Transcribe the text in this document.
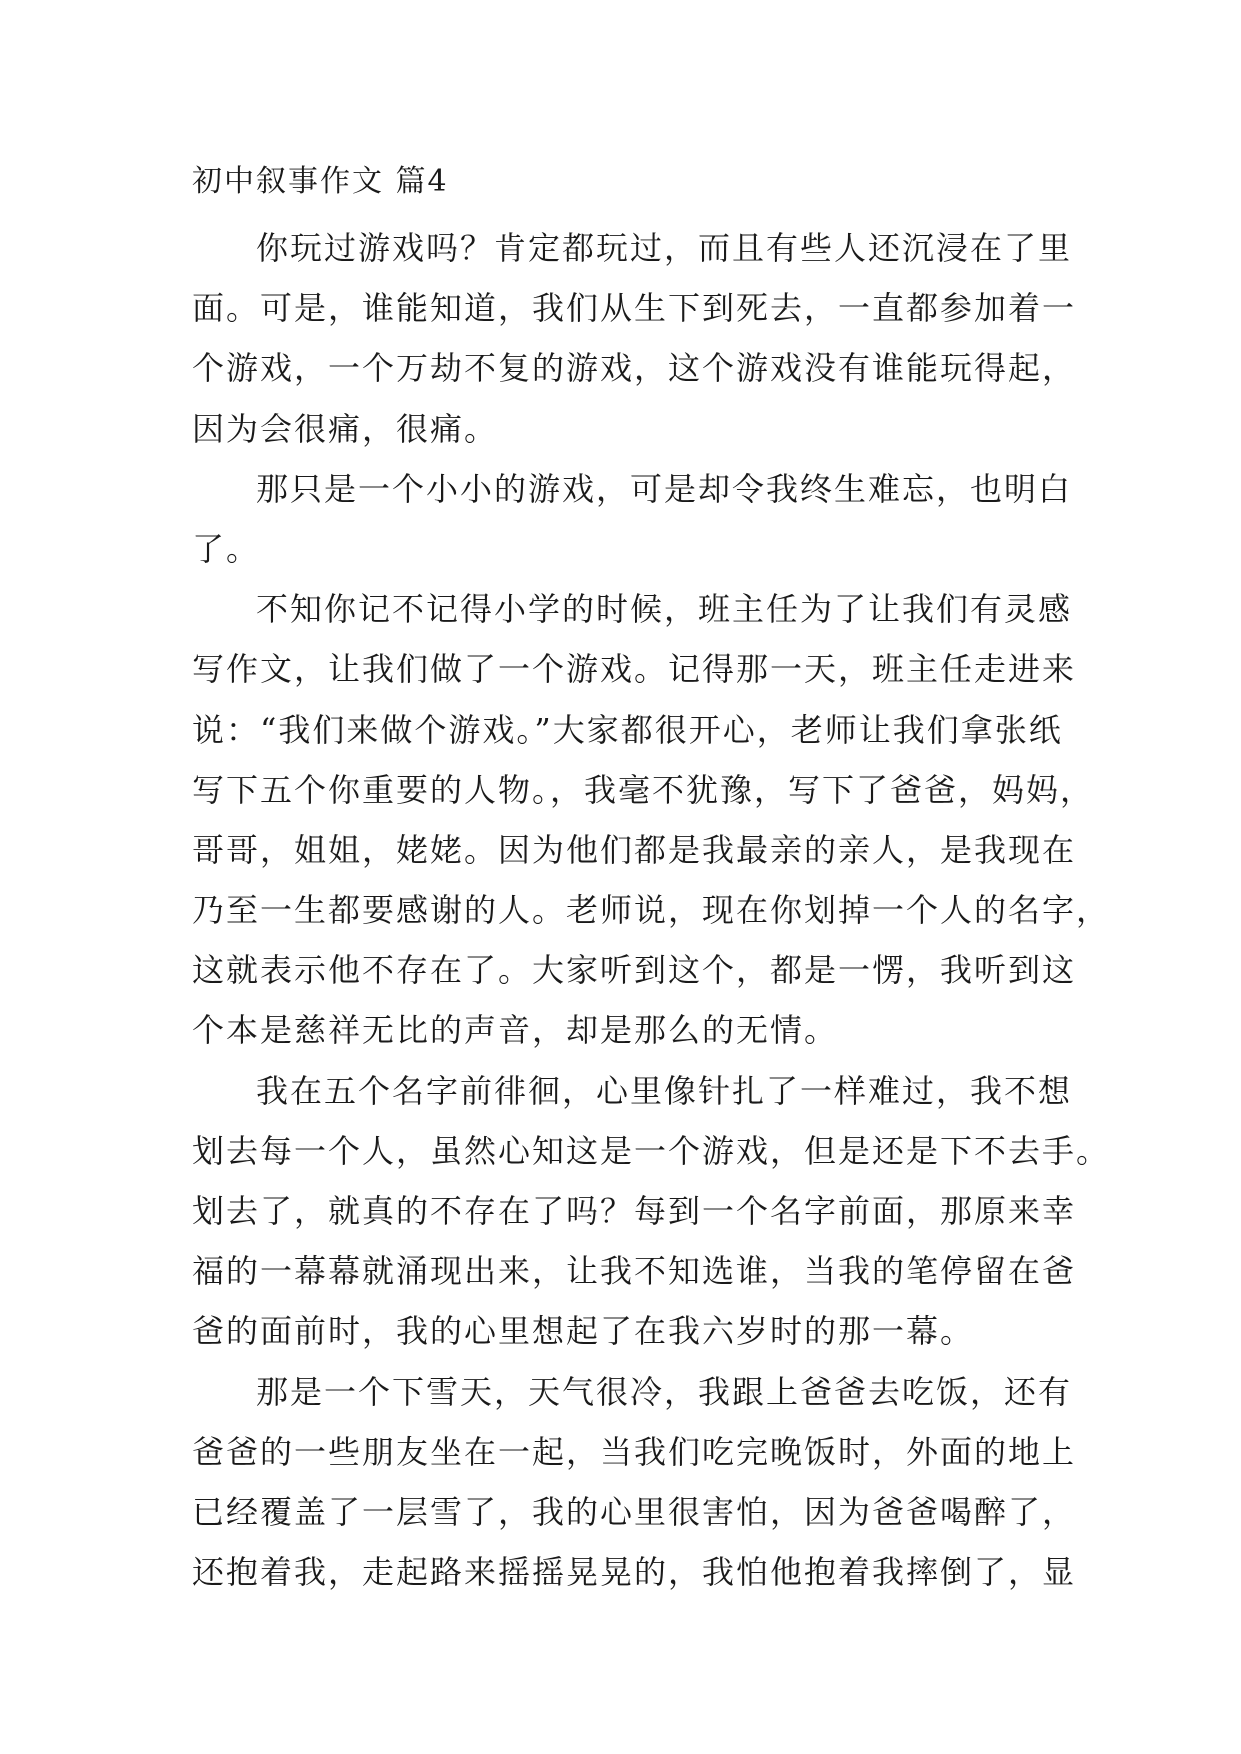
初中叙事作文 篇4
你玩过游戏吗？肯定都玩过，而且有些人还沉浸在了里
面。可是，谁能知道，我们从生下到死去，一直都参加着一
个游戏，一个万劫不复的游戏，这个游戏没有谁能玩得起，
因为会很痛，很痛。
那只是一个小小的游戏，可是却令我终生难忘，也明白
了。
不知你记不记得小学的时候，班主任为了让我们有灵感
写作文，让我们做了一个游戏。记得那一天，班主任走进来
说：“我们来做个游戏。”大家都很开心，老师让我们拿张纸
写下五个你重要的人物。，我毫不犹豫，写下了爸爸，妈妈，
哥哥，姐姐，姥姥。因为他们都是我最亲的亲人，是我现在
乃至一生都要感谢的人。老师说，现在你划掉一个人的名字，
这就表示他不存在了。大家听到这个，都是一愣，我听到这
个本是慈祥无比的声音，却是那么的无情。
我在五个名字前徘徊，心里像针扎了一样难过，我不想
划去每一个人，虽然心知这是一个游戏，但是还是下不去手。
划去了，就真的不存在了吗？每到一个名字前面，那原来幸
福的一幕幕就涌现出来，让我不知选谁，当我的笔停留在爸
爸的面前时，我的心里想起了在我六岁时的那一幕。
那是一个下雪天，天气很冷，我跟上爸爸去吃饭，还有
爸爸的一些朋友坐在一起，当我们吃完晚饭时，外面的地上
已经覆盖了一层雪了，我的心里很害怕，因为爸爸喝醉了，
还抱着我，走起路来摇摇晃晃的，我怕他抱着我摔倒了，显
